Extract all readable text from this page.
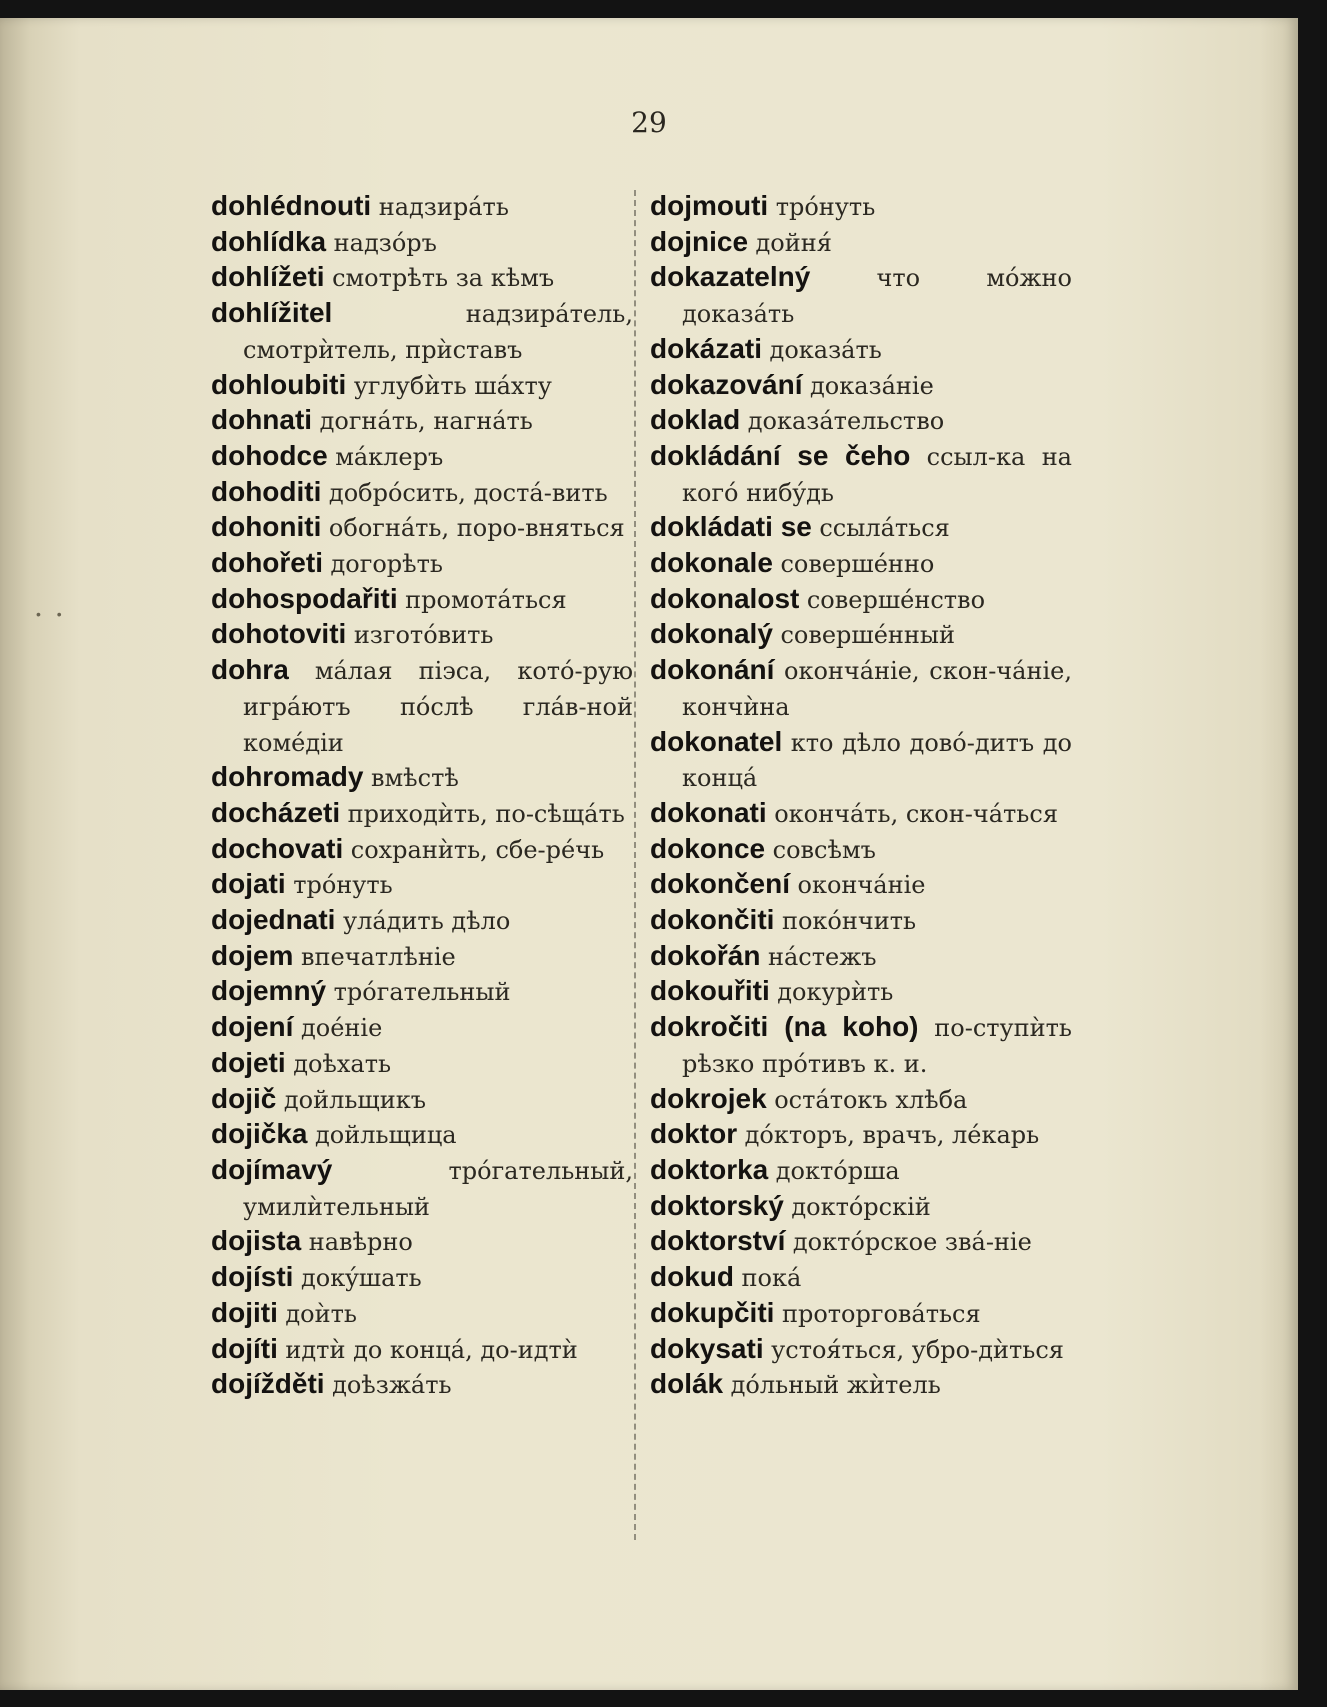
29
• •

dohlédnouti надзирáть

dohlídka надзóръ

dohlížeti смотрѣть за кѣмъ

dohlížitel	надзирáтель, смотрѝтель, прѝставъ

dohloubiti углубѝть шáхту

dohnati догнáть, нагнáть

dohodce мáклеръ

dohoditi добрóсить, достá-вить

dohoniti обогнáть, поро-вняться

dohořeti догорѣть

dohospodařiti промотáться

dohotoviti изготóвить

dohra мáлая пiэса, котó-рую игрáютъ пóслѣ глáв-ной комéдiи

dohromady вмѣстѣ

docházeti приходѝть, по-сѣщáть

dochovati сохранѝть, сбе-рéчь

dojati трóнуть

dojednati улáдить дѣло

dojem впечатлѣнiе

dojemný трóгательный

dojení доéнiе

dojeti доѣхать

dojič дойльщикъ

dojička дойльщица

dojímavý	трóгательный, умилѝтельный

dojista навѣрно

dojísti докýшать

dojiti доѝть

dojíti идтѝ до концá, до-идтѝ

dojížděti доѣзжáть

dojmouti трóнуть

dojnice дойня́

dokazatelný	что мóжно доказáть

dokázati доказáть

dokazování доказáнiе

doklad доказáтельство

dokládání se čeho ссыл-ка на когó нибýдь

dokládati se ссылáться

dokonale совершéнно

dokonalost совершéнство

dokonalý совершéнный

dokonání окончáнiе, скон-чáнiе, кончѝна

dokonatel кто дѣло довó-дитъ до концá

dokonati окончáть, скон-чáться

dokonce совсѣмъ

dokončení окончáнiе

dokončiti покóнчить

dokořán нáстежъ

dokouřiti докурѝть

dokročiti (na koho) по-ступѝть рѣзко прóтивъ к. и.

dokrojek остáтокъ хлѣба

doktor дóкторъ, врачъ, лéкарь

doktorka доктóрша

doktorský доктóрскiй

doktorství доктóрское звá-нiе

dokud покá

dokupčiti проторговáться

dokysati устоя́ться, убро-дѝться

dolák дóльный жѝтель
